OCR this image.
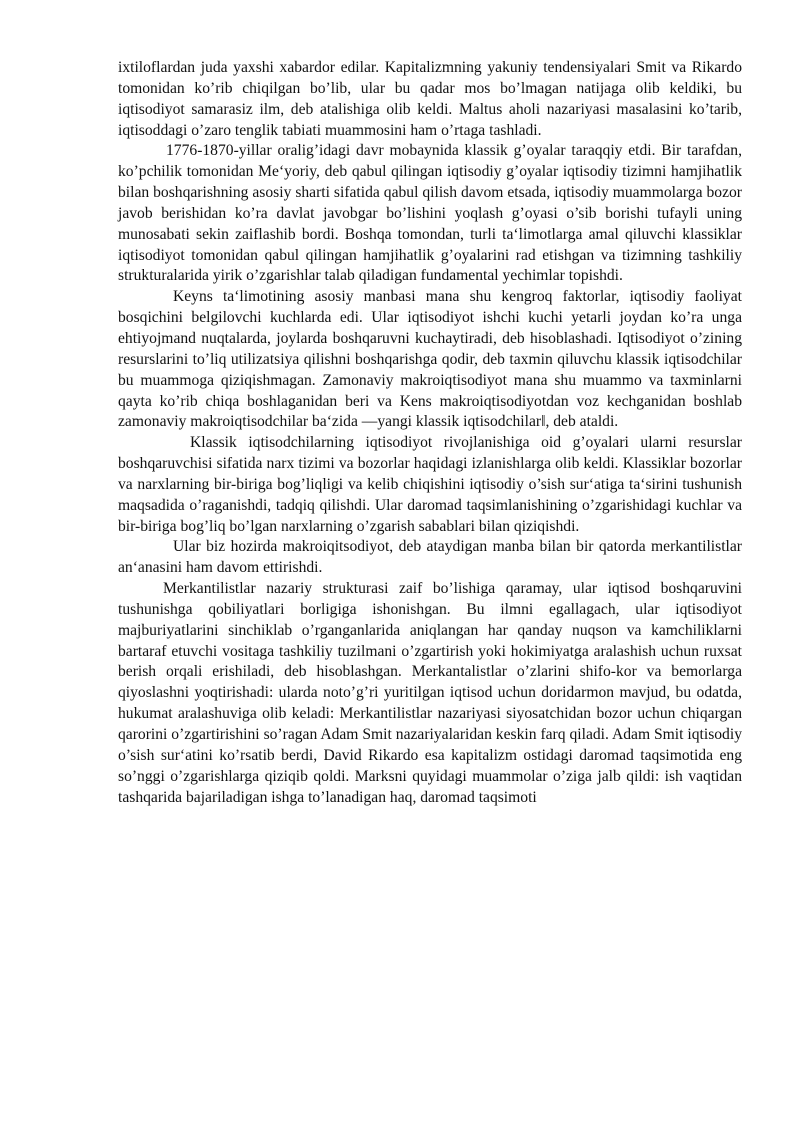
ixtiloflardan juda yaxshi xabardor edilar. Kapitalizmning yakuniy tendensiyalari Smit va Rikardo tomonidan ko’rib chiqilgan bo’lib, ular bu qadar mos bo’lmagan natijaga olib keldiki, bu iqtisodiyot samarasiz ilm, deb atalishiga olib keldi. Maltus aholi nazariyasi masalasini ko’tarib, iqtisoddagi o’zaro tenglik tabiati muammosini ham o’rtaga tashladi.

1776-1870-yillar oralig’idagi davr mobaynida klassik g’oyalar taraqqiy etdi. Bir tarafdan, ko’pchilik tomonidan Me‘yoriy, deb qabul qilingan iqtisodiy g’oyalar iqtisodiy tizimni hamjihatlik bilan boshqarishning asosiy sharti sifatida qabul qilish davom etsada, iqtisodiy muammolarga bozor javob berishidan ko’ra davlat javobgar bo’lishini yoqlash g’oyasi o’sib borishi tufayli uning munosabati sekin zaiflashib bordi. Boshqa tomondan, turli ta‘limotlarga amal qiluvchi klassiklar iqtisodiyot tomonidan qabul qilingan hamjihatlik g’oyalarini rad etishgan va tizimning tashkiliy strukturalarida yirik o’zgarishlar talab qiladigan fundamental yechimlar topishdi.

Keyns ta‘limotining asosiy manbasi mana shu kengroq faktorlar, iqtisodiy faoliyat bosqichini belgilovchi kuchlarda edi. Ular iqtisodiyot ishchi kuchi yetarli joydan ko’ra unga ehtiyojmand nuqtalarda, joylarda boshqaruvni kuchaytiradi, deb hisoblashadi. Iqtisodiyot o’zining resurslarini to’liq utilizatsiya qilishni boshqarishga qodir, deb taxmin qiluvchu klassik iqtisodchilar bu muammoga qiziqishmagan. Zamonaviy makroiqtisodiyot mana shu muammo va taxminlarni qayta ko’rib chiqa boshlaganidan beri va Kens makroiqtisodiyotdan voz kechganidan boshlab zamonaviy makroiqtisodchilar ba‘zida ―yangi klassik iqtisodchilar‖, deb ataldi.

Klassik iqtisodchilarning iqtisodiyot rivojlanishiga oid g’oyalari ularni resurslar boshqaruvchisi sifatida narx tizimi va bozorlar haqidagi izlanishlarga olib keldi. Klassiklar bozorlar va narxlarning bir-biriga bog’liqligi va kelib chiqishini iqtisodiy o’sish sur‘atiga ta‘sirini tushunish maqsadida o’raganishdi, tadqiq qilishdi. Ular daromad taqsimlanishining o’zgarishidagi kuchlar va bir-biriga bog’liq bo’lgan narxlarning o’zgarish sabablari bilan qiziqishdi.

Ular biz hozirda makroiqitsodiyot, deb ataydigan manba bilan bir qatorda merkantilistlar an‘anasini ham davom ettirishdi.

Merkantilistlar nazariy strukturasi zaif bo’lishiga qaramay, ular iqtisod boshqaruvini tushunishga qobiliyatlari borligiga ishonishgan. Bu ilmni egallagach, ular iqtisodiyot majburiyatlarini sinchiklab o’rganganlarida aniqlangan har qanday nuqson va kamchiliklarni bartaraf etuvchi vositaga tashkiliy tuzilmani o’zgartirish yoki hokimiyatga aralashish uchun ruxsat berish orqali erishiladi, deb hisoblashgan. Merkantalistlar o’zlarini shifo-kor va bemorlarga qiyoslashni yoqtirishadi: ularda noto’g’ri yuritilgan iqtisod uchun doridarmon mavjud, bu odatda, hukumat aralashuviga olib keladi: Merkantilistlar nazariyasi siyosatchidan bozor uchun chiqargan qarorini o’zgartirishini so’ragan Adam Smit nazariyalaridan keskin farq qiladi. Adam Smit iqtisodiy o’sish sur‘atini ko’rsatib berdi, David Rikardo esa kapitalizm ostidagi daromad taqsimotida eng so’nggi o’zgarishlarga qiziqib qoldi. Marksni quyidagi muammolar o’ziga jalb qildi: ish vaqtidan tashqarida bajariladigan ishga to’lanadigan haq, daromad taqsimoti
